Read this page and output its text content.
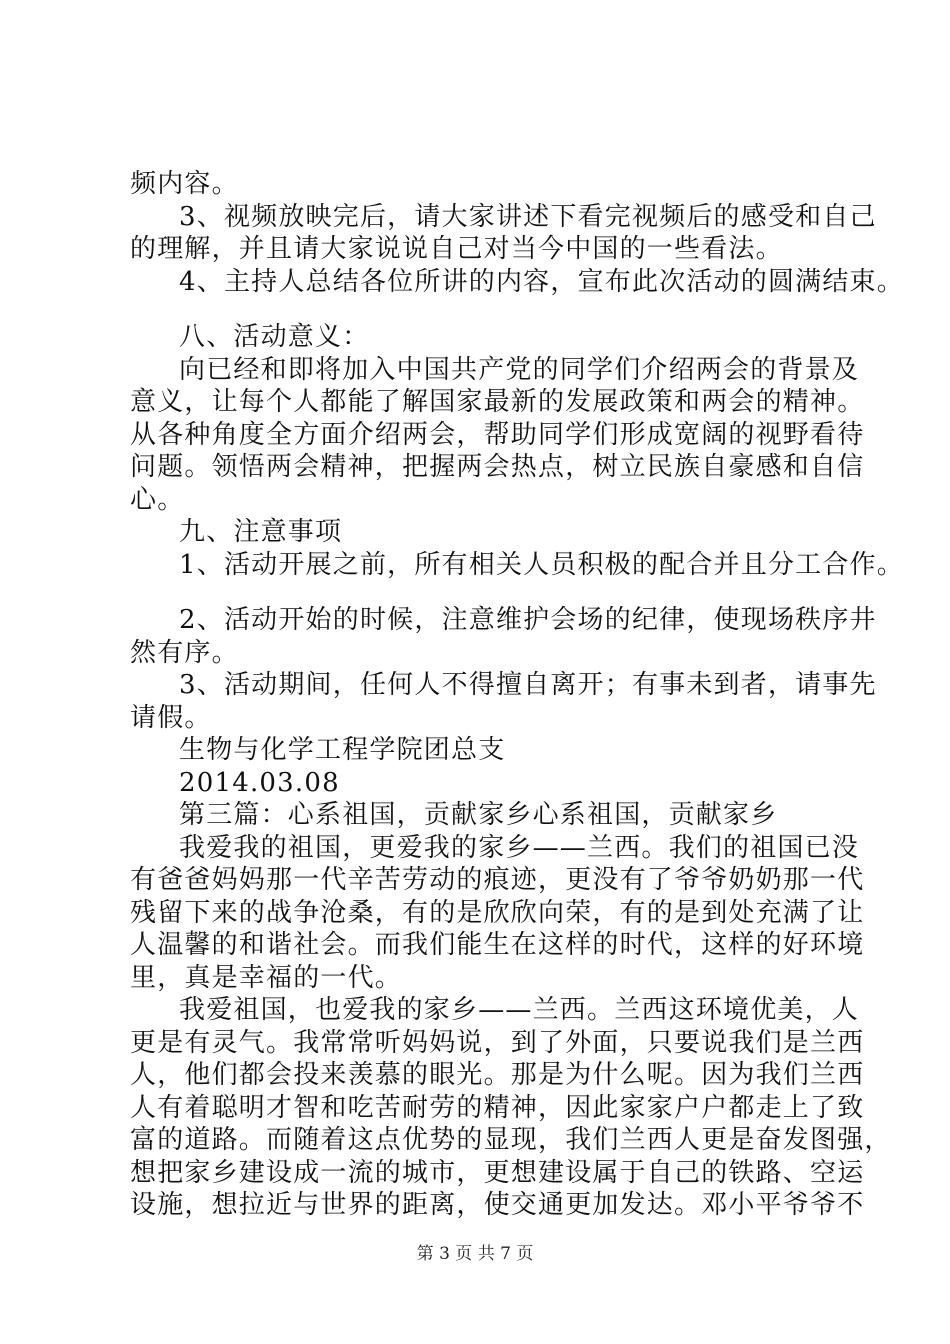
频内容。
3、视频放映完后，请大家讲述下看完视频后的感受和自己
的理解，并且请大家说说自己对当今中国的一些看法。
4、主持人总结各位所讲的内容，宣布此次活动的圆满结束。
八、活动意义：
向已经和即将加入中国共产党的同学们介绍两会的背景及
意义，让每个人都能了解国家最新的发展政策和两会的精神。
从各种角度全方面介绍两会，帮助同学们形成宽阔的视野看待
问题。领悟两会精神，把握两会热点，树立民族自豪感和自信
心。
九、注意事项
1、活动开展之前，所有相关人员积极的配合并且分工合作。
2、活动开始的时候，注意维护会场的纪律，使现场秩序井
然有序。
3、活动期间，任何人不得擅自离开；有事未到者，请事先
请假。
生物与化学工程学院团总支
2014.03.08
第三篇：心系祖国，贡献家乡心系祖国，贡献家乡
我爱我的祖国，更爱我的家乡——兰西。我们的祖国已没
有爸爸妈妈那一代辛苦劳动的痕迹，更没有了爷爷奶奶那一代
残留下来的战争沧桑，有的是欣欣向荣，有的是到处充满了让
人温馨的和谐社会。而我们能生在这样的时代，这样的好环境
里，真是幸福的一代。
我爱祖国，也爱我的家乡——兰西。兰西这环境优美，人
更是有灵气。我常常听妈妈说，到了外面，只要说我们是兰西
人，他们都会投来羡慕的眼光。那是为什么呢。因为我们兰西
人有着聪明才智和吃苦耐劳的精神，因此家家户户都走上了致
富的道路。而随着这点优势的显现，我们兰西人更是奋发图强，
想把家乡建设成一流的城市，更想建设属于自己的铁路、空运
设施，想拉近与世界的距离，使交通更加发达。邓小平爷爷不
第 3 页 共 7 页
